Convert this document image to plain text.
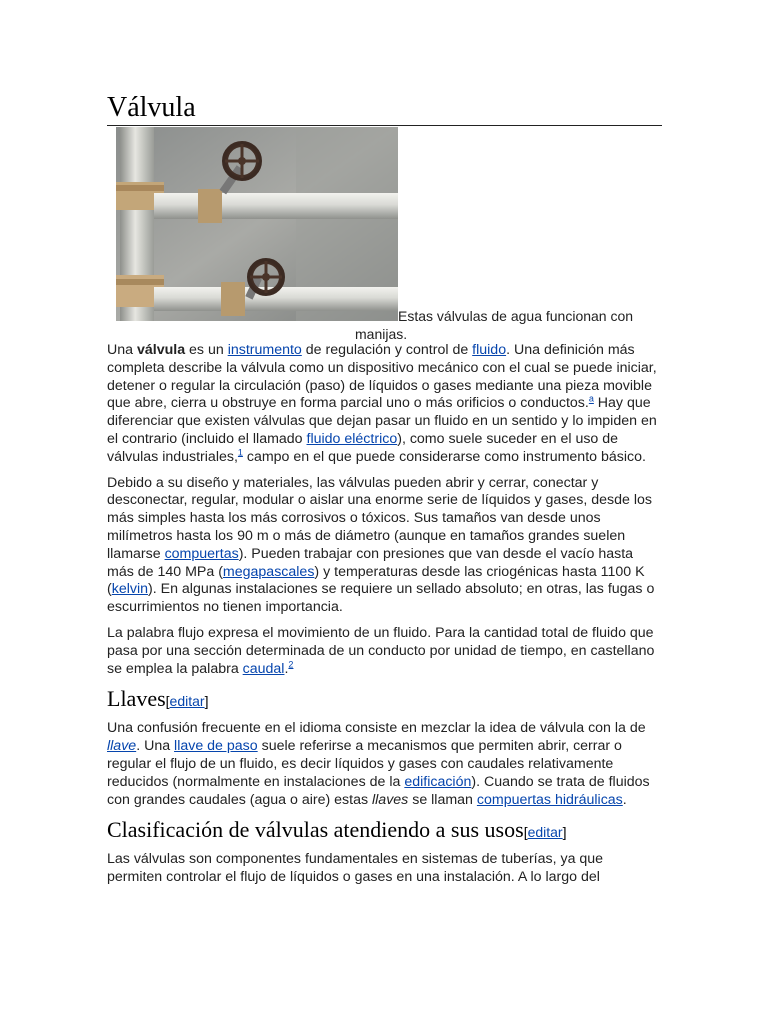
Válvula
Estas válvulas de agua funcionan con
manijas.

Una válvula es un instrumento de regulación y control de fluido. Una definición más completa describe la válvula como un dispositivo mecánico con el cual se puede iniciar, detener o regular la circulación (paso) de líquidos o gases mediante una pieza movible que abre, cierra u obstruye en forma parcial uno o más orificios o conductos.$^a$ Hay que diferenciar que existen válvulas que dejan pasar un fluido en un sentido y lo impiden en el contrario (incluido el llamado fluido eléctrico), como suele suceder en el uso de válvulas industriales,$^1$ campo en el que puede considerarse como instrumento básico.

Debido a su diseño y materiales, las válvulas pueden abrir y cerrar, conectar y desconectar, regular, modular o aislar una enorme serie de líquidos y gases, desde los más simples hasta los más corrosivos o tóxicos. Sus tamaños van desde unos milímetros hasta los 90 m o más de diámetro (aunque en tamaños grandes suelen llamarse compuertas). Pueden trabajar con presiones que van desde el vacío hasta más de 140 MPa (megapascales) y temperaturas desde las criogénicas hasta 1100 K (kelvin). En algunas instalaciones se requiere un sellado absoluto; en otras, las fugas o escurrimientos no tienen importancia.

La palabra flujo expresa el movimiento de un fluido. Para la cantidad total de fluido que pasa por una sección determinada de un conducto por unidad de tiempo, en castellano se emplea la palabra caudal.$^2$

Llaves[editar]

Una confusión frecuente en el idioma consiste en mezclar la idea de válvula con la de llave. Una llave de paso suele referirse a mecanismos que permiten abrir, cerrar o regular el flujo de un fluido, es decir líquidos y gases con caudales relativamente reducidos (normalmente en instalaciones de la edificación). Cuando se trata de fluidos con grandes caudales (agua o aire) estas llaves se llaman compuertas hidráulicas.

Clasificación de válvulas atendiendo a sus usos[editar]

Las válvulas son componentes fundamentales en sistemas de tuberías, ya que permiten controlar el flujo de líquidos o gases en una instalación. A lo largo del
